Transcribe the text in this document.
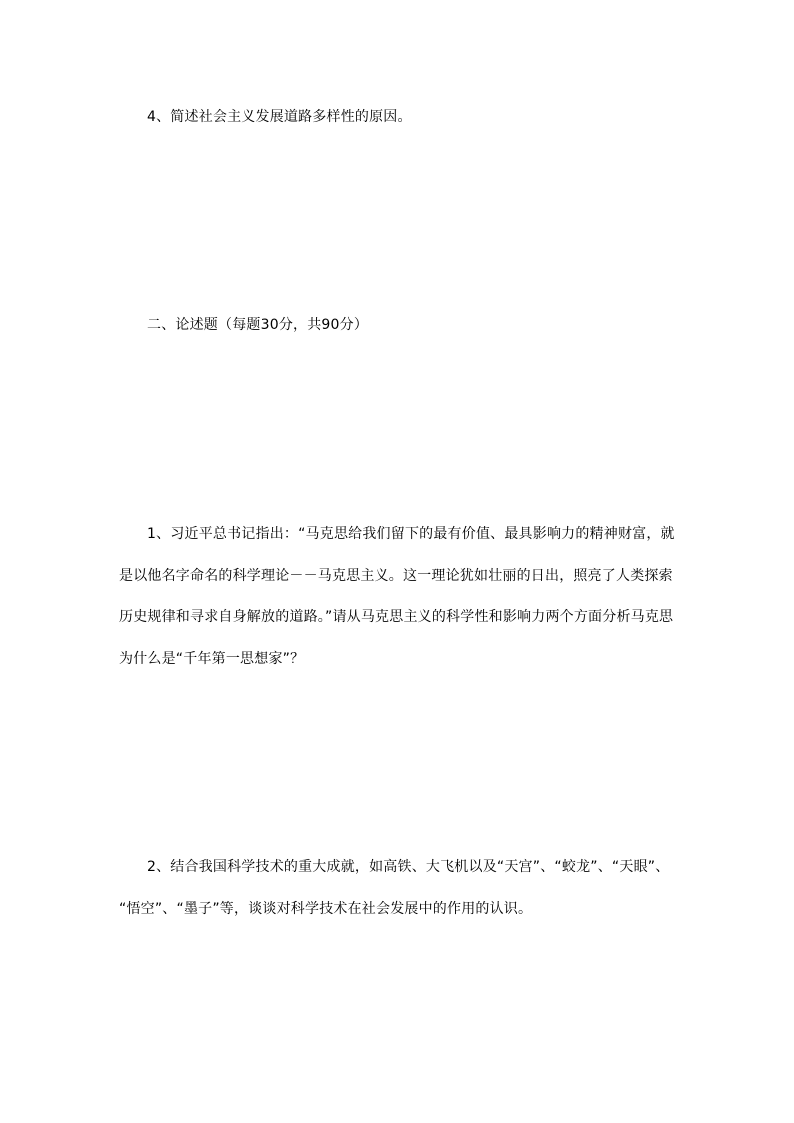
4、简述社会主义发展道路多样性的原因。
二、论述题（每题30分，共90分）
1、习近平总书记指出：“马克思给我们留下的最有价值、最具影响力的精神财富，就
是以他名字命名的科学理论－－马克思主义。这一理论犹如壮丽的日出，照亮了人类探索
历史规律和寻求自身解放的道路。”请从马克思主义的科学性和影响力两个方面分析马克思
为什么是“千年第一思想家”？
2、结合我国科学技术的重大成就，如高铁、大飞机以及“天宫”、“蛟龙”、“天眼”、
“悟空”、“墨子”等，谈谈对科学技术在社会发展中的作用的认识。
